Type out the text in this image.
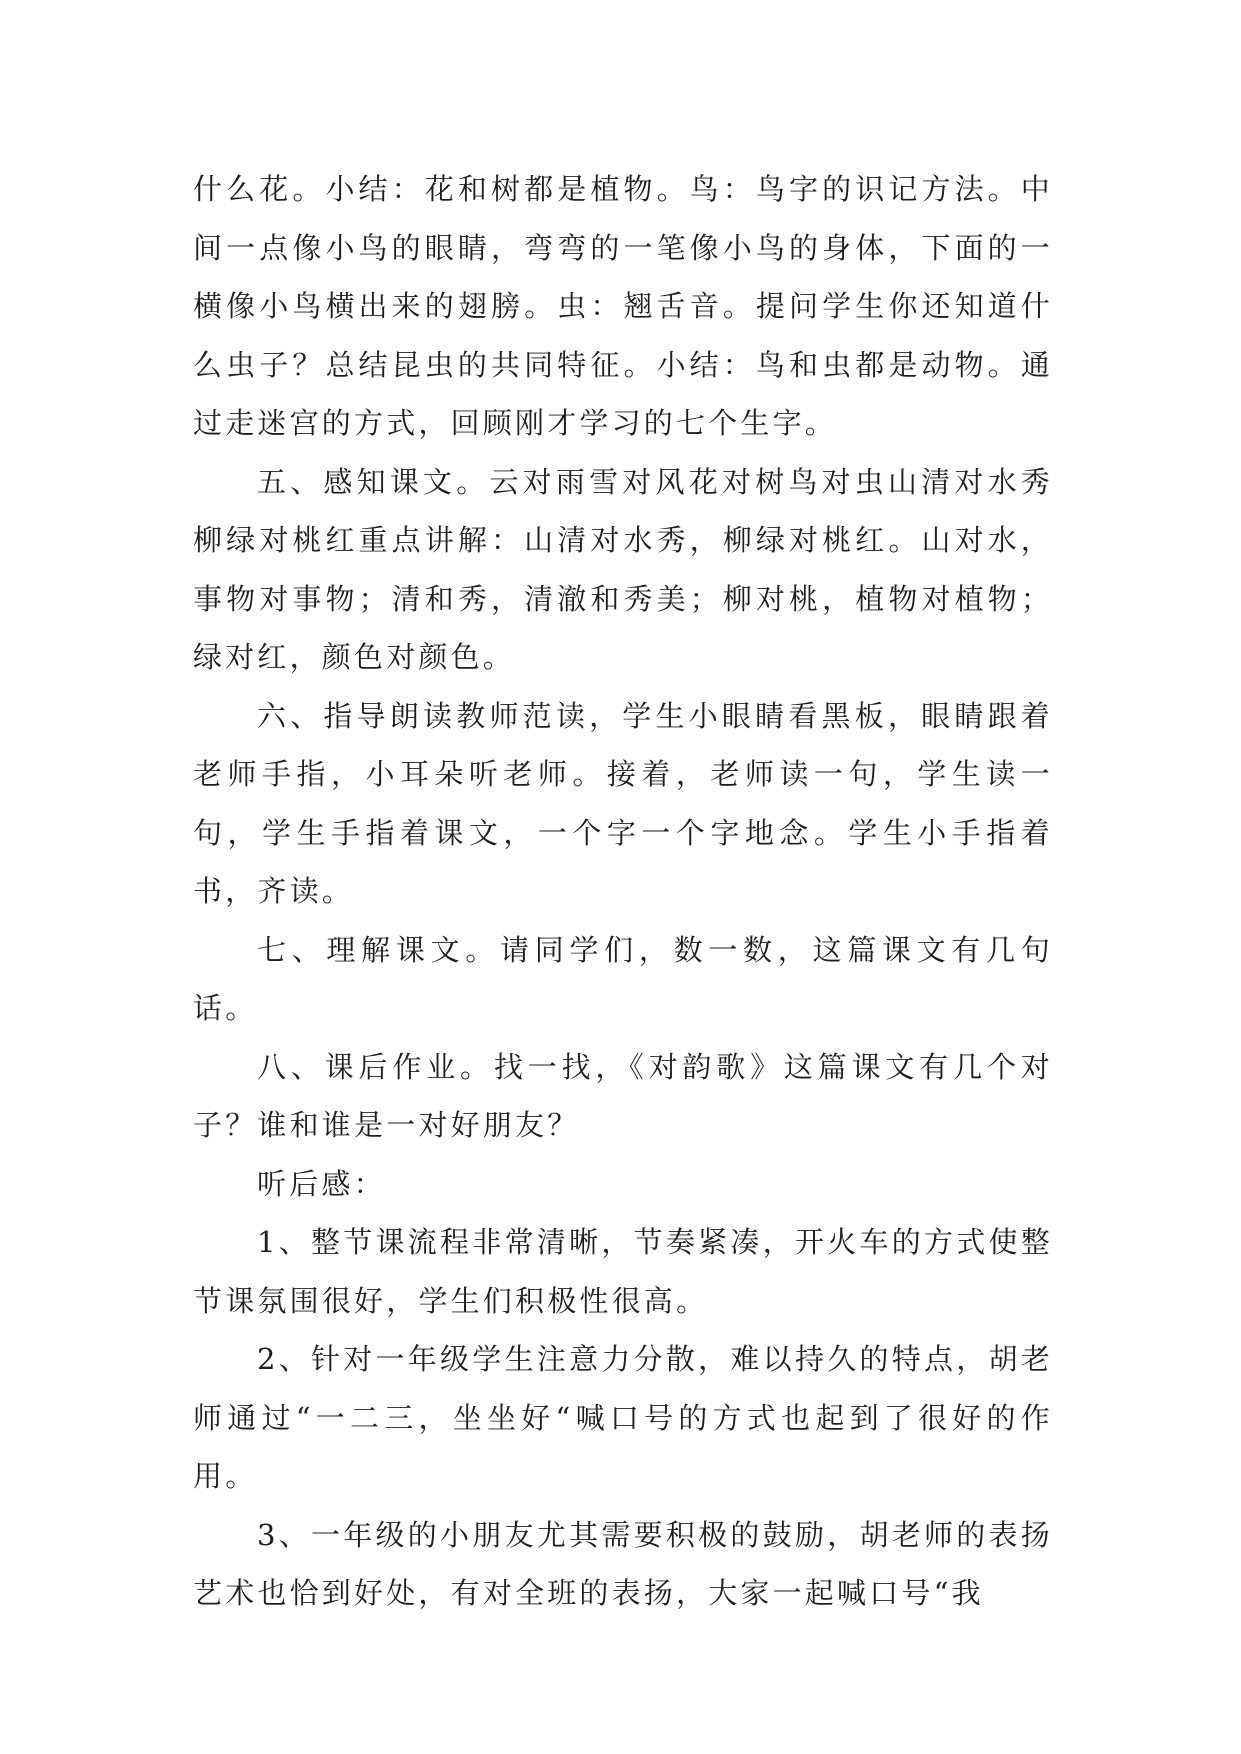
什么花。小结：花和树都是植物。鸟：鸟字的识记方法。中间一点像小鸟的眼睛，弯弯的一笔像小鸟的身体，下面的一横像小鸟横出来的翅膀。虫：翘舌音。提问学生你还知道什么虫子？总结昆虫的共同特征。小结：鸟和虫都是动物。通过走迷宫的方式，回顾刚才学习的七个生字。

五、感知课文。云对雨雪对风花对树鸟对虫山清对水秀柳绿对桃红重点讲解：山清对水秀，柳绿对桃红。山对水，事物对事物；清和秀，清澈和秀美；柳对桃，植物对植物；绿对红，颜色对颜色。

六、指导朗读教师范读，学生小眼睛看黑板，眼睛跟着老师手指，小耳朵听老师。接着，老师读一句，学生读一句，学生手指着课文，一个字一个字地念。学生小手指着书，齐读。

七、理解课文。请同学们，数一数，这篇课文有几句话。

八、课后作业。找一找，《对韵歌》这篇课文有几个对子？谁和谁是一对好朋友？

听后感：

1、整节课流程非常清晰，节奏紧凑，开火车的方式使整节课氛围很好，学生们积极性很高。

2、针对一年级学生注意力分散，难以持久的特点，胡老师通过“一二三，坐坐好“喊口号的方式也起到了很好的作用。

3、一年级的小朋友尤其需要积极的鼓励，胡老师的表扬艺术也恰到好处，有对全班的表扬，大家一起喊口号“我
